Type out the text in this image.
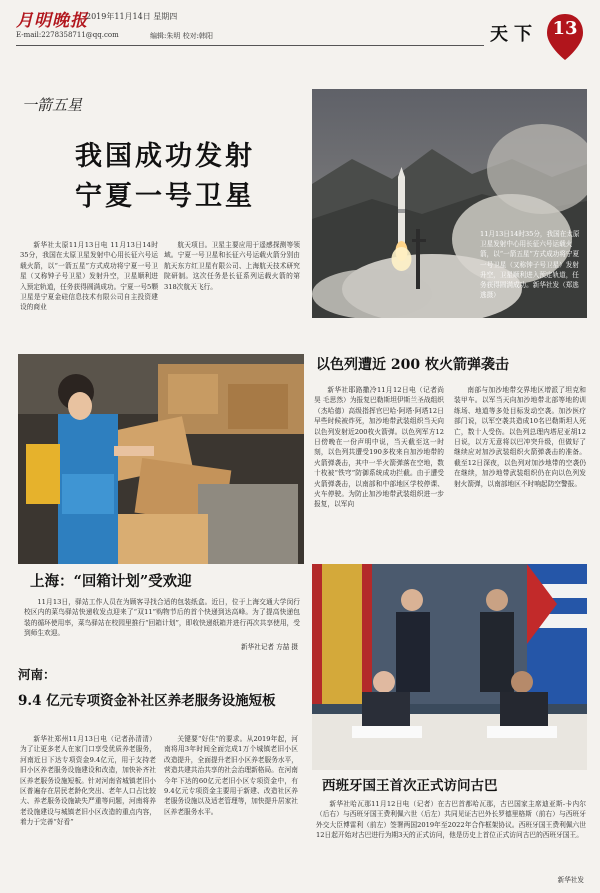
月明晚报
2019年11月14日 星期四
E-mail:2278358711@qq.com	编辑:朱明 校对:韩阳	天下 13
一箭五星
我国成功发射
宁夏一号卫星
新华社太原11月13日电 11月13日14时35分，我国在太原卫星发射中心用长征六号运载火箭，以“一箭五星”方式成功将宁夏一号卫星（又称钟子号卫星）发射升空，卫星顺利进入预定轨道，任务获得圆满成功。宁夏一号5颗卫星是宁夏金硅信息技术有限公司自主投资建设的商业
航天项目。卫星主要应用于遥感探测等领域。宁夏一号卫星和长征六号运载火箭分别由航天东方红卫星有限公司、上海航天技术研究院研制。这次任务是长征系列运载火箭的第318次航天飞行。
11月13日14时35分，我国在太原卫星发射中心用长征六号运载火箭，以“一箭五星”方式成功将宁夏一号卫星（又称钟子号卫星）发射升空，卫星顺利进入预定轨道，任务获得圆满成功。新华社发（郑逃逃摄）
上海：“回箱计划”受欢迎
11月13日，驿站工作人员在为顾客寻找合适的包装纸盒。近日，位于上海交通大学闵行校区内的菜鸟驿站快递收发点迎来了“双11”购物节后的首个快递到达高峰。为了提高快递包装的循环使用率，菜鸟驿站在校园里推行“回箱计划”，即收快递纸箱并进行再次共享使用，受到师生欢迎。
新华社记者 方喆 摄
以色列遭近 200 枚火箭弹袭击
新华社耶路撒冷11月12日电（记者尚昊 毛思然）为报复巴勒斯坦伊斯兰圣战组织（杰哈德）高级指挥官巴哈·阿塔·阿塔12日早些时候被炸死，加沙地带武装组织当天向以色列发射近200枚火箭弹。以色列军方12日傍晚在一份声明中说，当天截至这一时刻，以色列共遭受190多枚来自加沙地带的火箭弹袭击，其中一半火箭弹落在空地，数十枚被“铁穹”防御系统成功拦截。由于遭受火箭弹袭击，以南部和中部地区学校停课、火车停驶。为防止加沙地带武装组织进一步报复，以军向
南部与加沙地带交界地区增派了坦克和装甲车。以军当天向加沙地带北部等地的训练场、地道等多处目标发动空袭。加沙医疗部门说，以军空袭共造成10名巴勒斯坦人死亡，数十人受伤。以色列总理内塔尼亚胡12日说，以方无意将以巴冲突升级，但做好了继续应对加沙武装组织火箭弹袭击的准备。截至12日深夜，以色列对加沙地带的空袭仍在继续，加沙地带武装组织仍在向以色列发射火箭弹，以南部地区不时响起防空警报。
河南：
9.4 亿元专项资金补社区养老服务设施短板
新华社郑州11月13日电（记者孙清清）为了让更多老人在家门口享受优质养老服务，河南近日下达专项资金9.4亿元，用于支持老旧小区养老服务设施建设和改造，加快补齐社区养老服务设施短板。针对河南省城镇老旧小区普遍存在居民老龄化突出、老年人口占比较大、养老服务设施缺失严重等问题，河南将养老设施建设与城镇老旧小区改造的重点内容，着力于完善“好看”
关键要“好住”的要求。从2019年起，河南将用3年时间全面完成1万个城镇老旧小区改造提升，全面提升老旧小区养老服务水平，营造共建共治共享的社会治理新格局。在河南今年下达的60亿元老旧小区专项资金中，有9.4亿元专项资金主要用于新建、改造社区养老服务设施以及适老管理等，加快提升居家社区养老服务水平。
西班牙国王首次正式访问古巴
新华社哈瓦那11月12日电（记者）在古巴首都哈瓦那，古巴国家主席迪亚斯-卡内尔（后右）与西班牙国王费利佩六世（后左）共同见证古巴外长罗德里格斯（前右）与西班牙外交大臣博雷利（前左）签署两国2019年至2022年合作框架协议。西班牙国王费利佩六世12日起开始对古巴进行为期3天的正式访问，他是历史上首位正式访问古巴的西班牙国王。
新华社发
